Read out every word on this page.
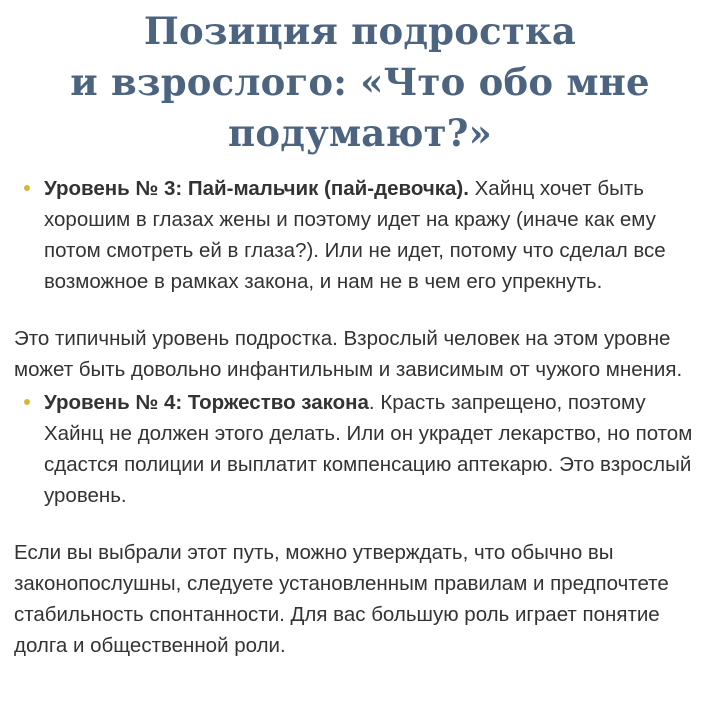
Позиция подростка
и взрослого: «Что обо мне
подумают?»

Уровень № 3: Пай-мальчик (пай-девочка). Хайнц хочет быть хорошим в глазах жены и поэтому идет на кражу (иначе как ему потом смотреть ей в глаза?). Или не идет, потому что сделал все возможное в рамках закона, и нам не в чем его упрекнуть.

Это типичный уровень подростка. Взрослый человек на этом уровне может быть довольно инфантильным и зависимым от чужого мнения.

Уровень № 4: Торжество закона. Красть запрещено, поэтому Хайнц не должен этого делать. Или он украдет лекарство, но потом сдастся полиции и выплатит компенсацию аптекарю. Это взрослый уровень.

Если вы выбрали этот путь, можно утверждать, что обычно вы законопослушны, следуете установленным правилам и предпочтете стабильность спонтанности. Для вас большую роль играет понятие долга и общественной роли.
